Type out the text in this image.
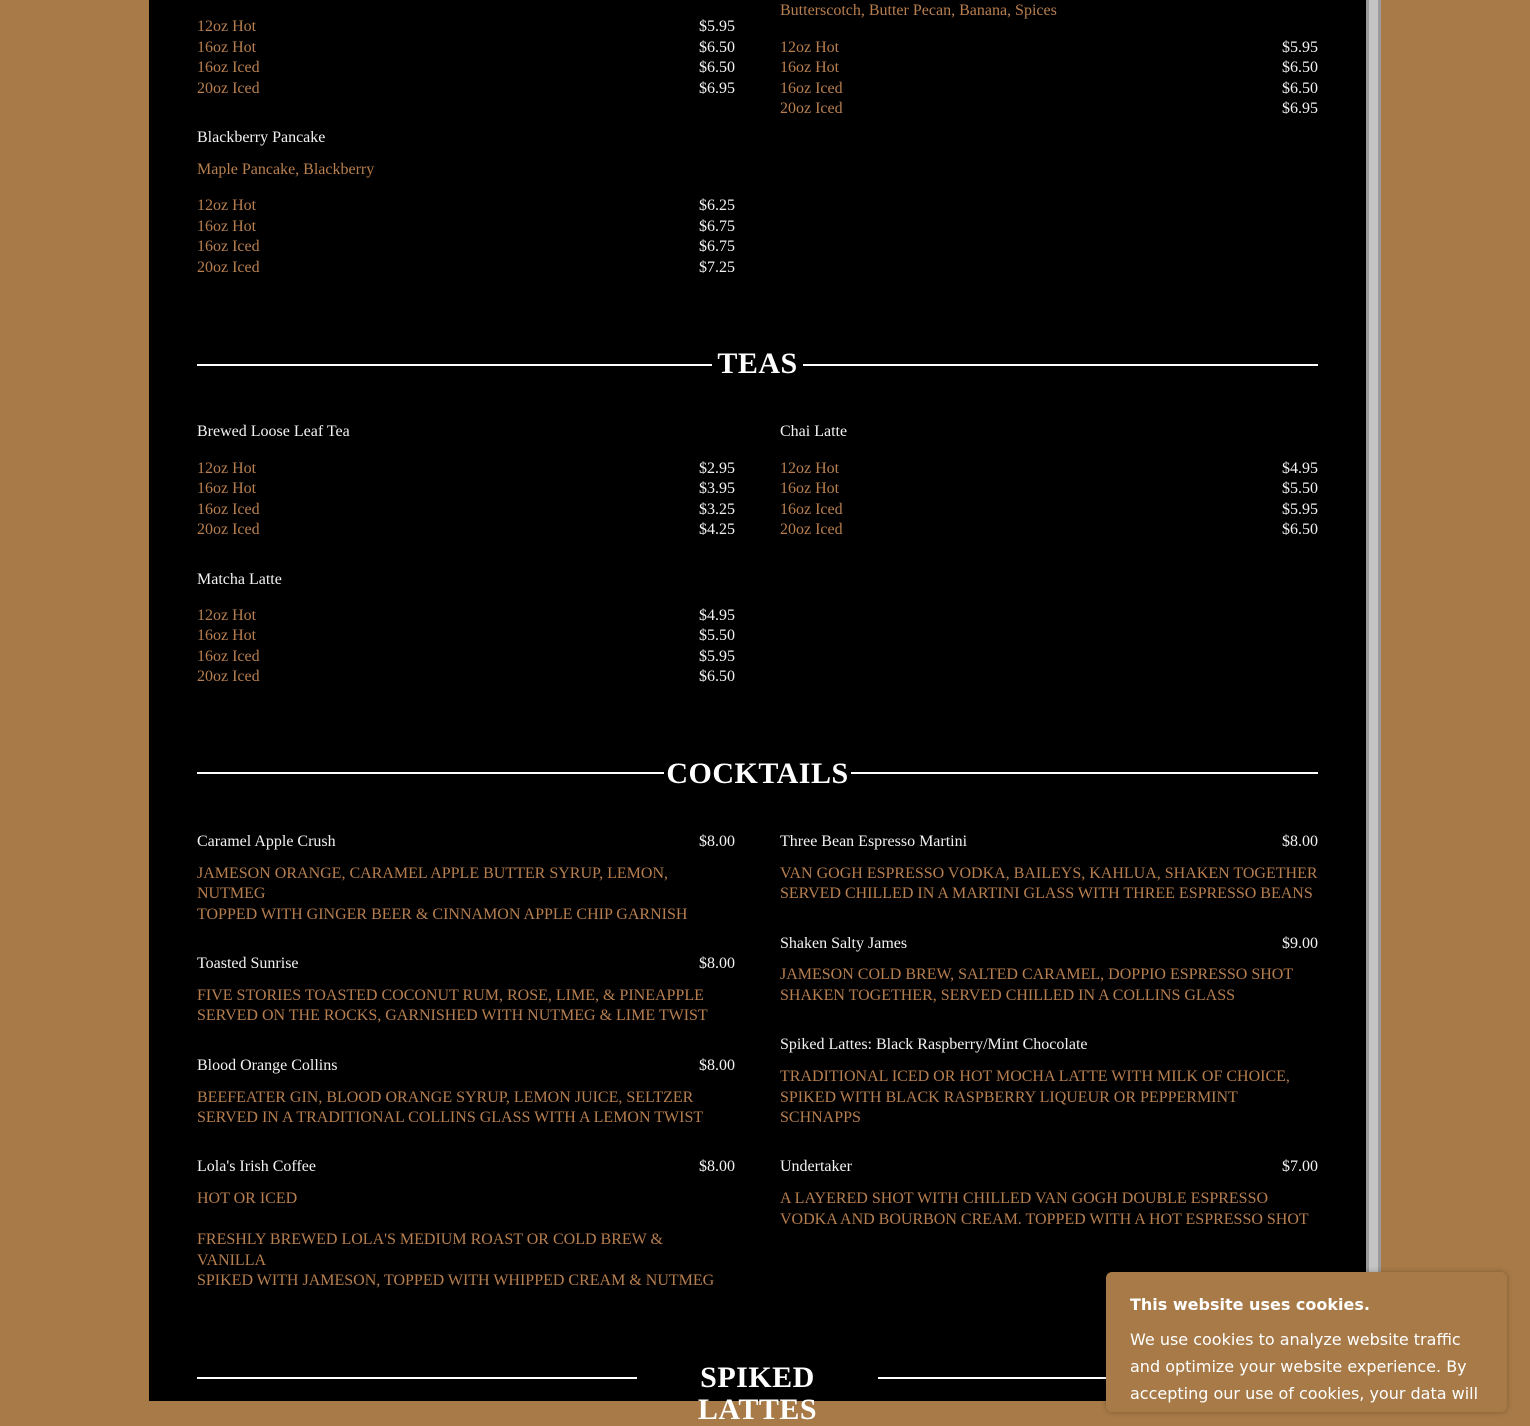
Butterscotch, Butter Pecan, Banana, Spices
12oz Hot	$5.95
16oz Hot	$6.50
16oz Iced	$6.50
20oz Iced	$6.95
12oz Hot	$5.95
16oz Hot	$6.50
16oz Iced	$6.50
20oz Iced	$6.95
Blackberry Pancake
Maple Pancake, Blackberry
12oz Hot	$6.25
16oz Hot	$6.75
16oz Iced	$6.75
20oz Iced	$7.25
TEAS
Brewed Loose Leaf Tea
12oz Hot	$2.95
16oz Hot	$3.95
16oz Iced	$3.25
20oz Iced	$4.25
Chai Latte
12oz Hot	$4.95
16oz Hot	$5.50
16oz Iced	$5.95
20oz Iced	$6.50
Matcha Latte
12oz Hot	$4.95
16oz Hot	$5.50
16oz Iced	$5.95
20oz Iced	$6.50
COCKTAILS
Caramel Apple Crush	$8.00
JAMESON ORANGE, CARAMEL APPLE BUTTER SYRUP, LEMON,
NUTMEG
TOPPED WITH GINGER BEER & CINNAMON APPLE CHIP GARNISH
Toasted Sunrise	$8.00
FIVE STORIES TOASTED COCONUT RUM, ROSE, LIME, & PINEAPPLE
SERVED ON THE ROCKS, GARNISHED WITH NUTMEG & LIME TWIST
Blood Orange Collins	$8.00
BEEFEATER GIN, BLOOD ORANGE SYRUP, LEMON JUICE, SELTZER
SERVED IN A TRADITIONAL COLLINS GLASS WITH A LEMON TWIST
Lola's Irish Coffee	$8.00
HOT OR ICED
FRESHLY BREWED LOLA'S MEDIUM ROAST OR COLD BREW &
VANILLA
SPIKED WITH JAMESON, TOPPED WITH WHIPPED CREAM & NUTMEG
Three Bean Espresso Martini	$8.00
VAN GOGH ESPRESSO VODKA, BAILEYS, KAHLUA, SHAKEN TOGETHER
SERVED CHILLED IN A MARTINI GLASS WITH THREE ESPRESSO BEANS
Shaken Salty James	$9.00
JAMESON COLD BREW, SALTED CARAMEL, DOPPIO ESPRESSO SHOT
SHAKEN TOGETHER, SERVED CHILLED IN A COLLINS GLASS
Spiked Lattes: Black Raspberry/Mint Chocolate
TRADITIONAL ICED OR HOT MOCHA LATTE WITH MILK OF CHOICE,
SPIKED WITH BLACK RASPBERRY LIQUEUR OR PEPPERMINT
SCHNAPPS
Undertaker	$7.00
A LAYERED SHOT WITH CHILLED VAN GOGH DOUBLE ESPRESSO
VODKA AND BOURBON CREAM. TOPPED WITH A HOT ESPRESSO SHOT
SPIKED LATTES
This website uses cookies.
We use cookies to analyze website traffic and optimize your website experience. By accepting our use of cookies, your data will
